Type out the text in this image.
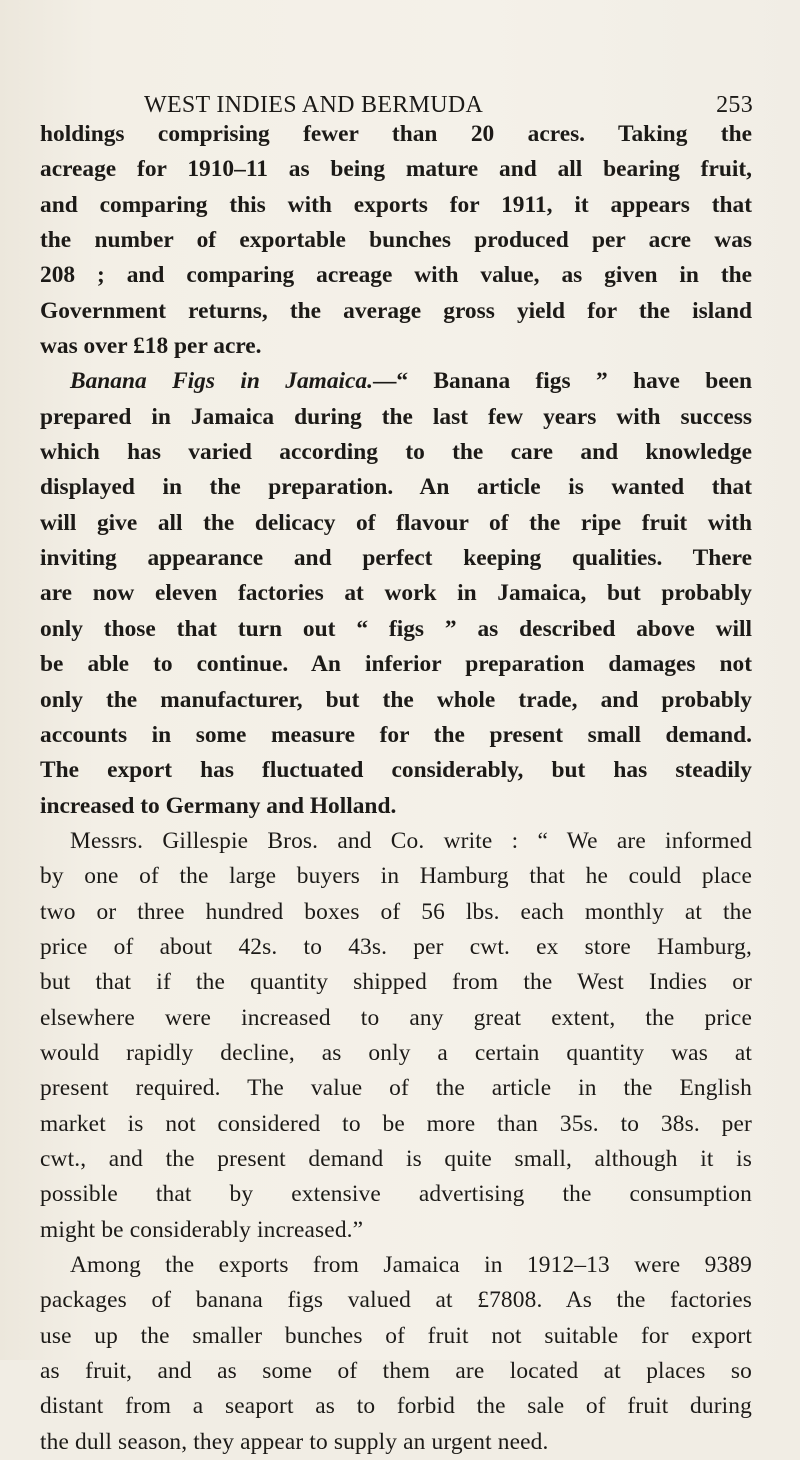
WEST INDIES AND BERMUDA	253
holdings comprising fewer than 20 acres. Taking the
acreage for 1910–11 as being mature and all bearing fruit,
and comparing this with exports for 1911, it appears that
the number of exportable bunches produced per acre was
208 ; and comparing acreage with value, as given in the
Government returns, the average gross yield for the island
was over £18 per acre.
Banana Figs in Jamaica.—“ Banana figs ” have been
prepared in Jamaica during the last few years with success
which has varied according to the care and knowledge
displayed in the preparation. An article is wanted that
will give all the delicacy of flavour of the ripe fruit with
inviting appearance and perfect keeping qualities. There
are now eleven factories at work in Jamaica, but probably
only those that turn out “ figs ” as described above will
be able to continue. An inferior preparation damages not
only the manufacturer, but the whole trade, and probably
accounts in some measure for the present small demand.
The export has fluctuated considerably, but has steadily
increased to Germany and Holland.
Messrs. Gillespie Bros. and Co. write : “ We are informed
by one of the large buyers in Hamburg that he could place
two or three hundred boxes of 56 lbs. each monthly at the
price of about 42s. to 43s. per cwt. ex store Hamburg,
but that if the quantity shipped from the West Indies or
elsewhere were increased to any great extent, the price
would rapidly decline, as only a certain quantity was at
present required. The value of the article in the English
market is not considered to be more than 35s. to 38s. per
cwt., and the present demand is quite small, although it is
possible that by extensive advertising the consumption
might be considerably increased.”
Among the exports from Jamaica in 1912–13 were 9389
packages of banana figs valued at £7808. As the factories
use up the smaller bunches of fruit not suitable for export
as fruit, and as some of them are located at places so
distant from a seaport as to forbid the sale of fruit during
the dull season, they appear to supply an urgent need.
